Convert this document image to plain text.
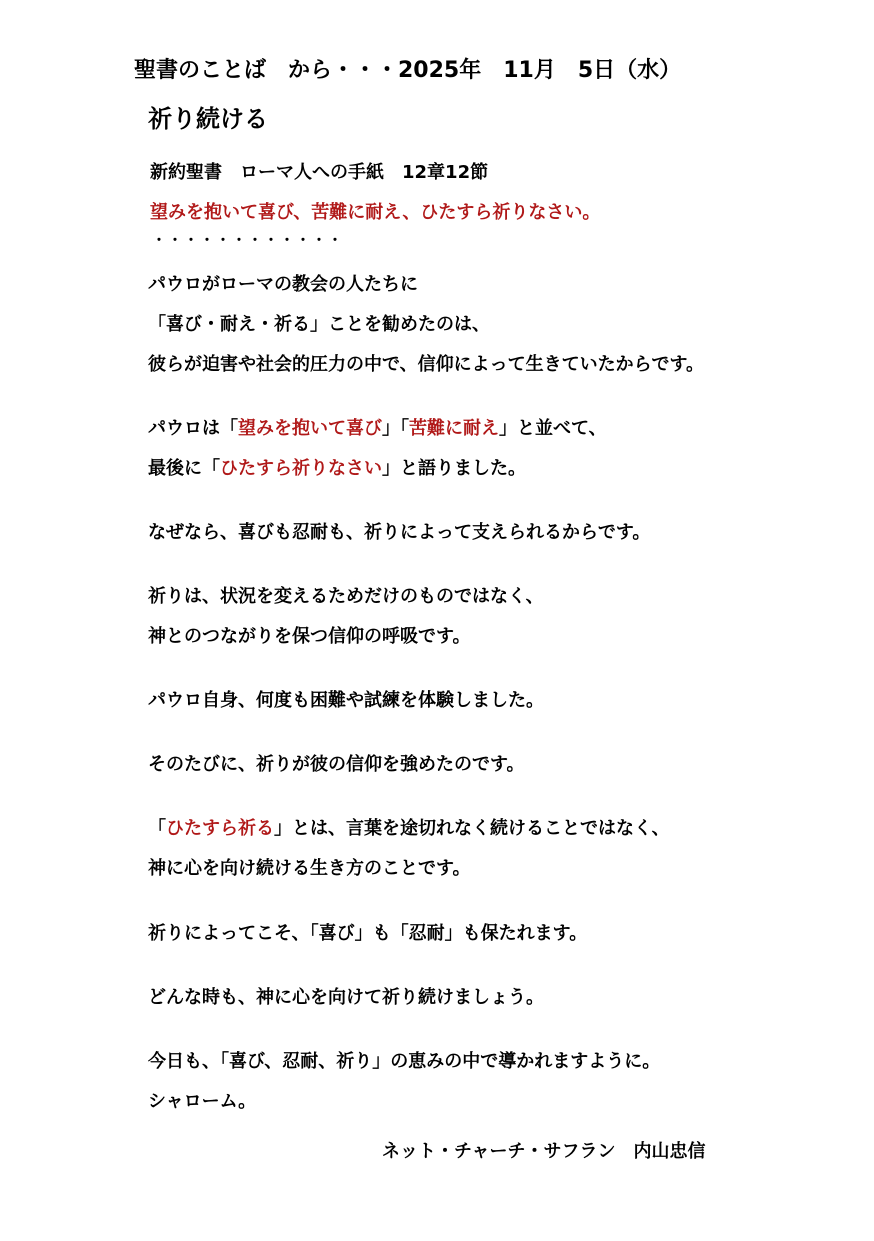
聖書のことば　から・・・2025年　11月　5日（水）
祈り続ける
新約聖書　ローマ人への手紙　12章12節
望みを抱いて喜び、苦難に耐え、ひたすら祈りなさい。
・・・・・・・・・・・・
パウロがローマの教会の人たちに
「喜び・耐え・祈る」ことを勧めたのは、
彼らが迫害や社会的圧力の中で、信仰によって生きていたからです。
パウロは「望みを抱いて喜び」「苦難に耐え」と並べて、
最後に「ひたすら祈りなさい」と語りました。
なぜなら、喜びも忍耐も、祈りによって支えられるからです。
祈りは、状況を変えるためだけのものではなく、
神とのつながりを保つ信仰の呼吸です。
パウロ自身、何度も困難や試練を体験しました。
そのたびに、祈りが彼の信仰を強めたのです。
「ひたすら祈る」とは、言葉を途切れなく続けることではなく、
神に心を向け続ける生き方のことです。
祈りによってこそ、「喜び」も「忍耐」も保たれます。
どんな時も、神に心を向けて祈り続けましょう。
今日も、「喜び、忍耐、祈り」の恵みの中で導かれますように。
シャローム。
ネット・チャーチ・サフラン　内山忠信
